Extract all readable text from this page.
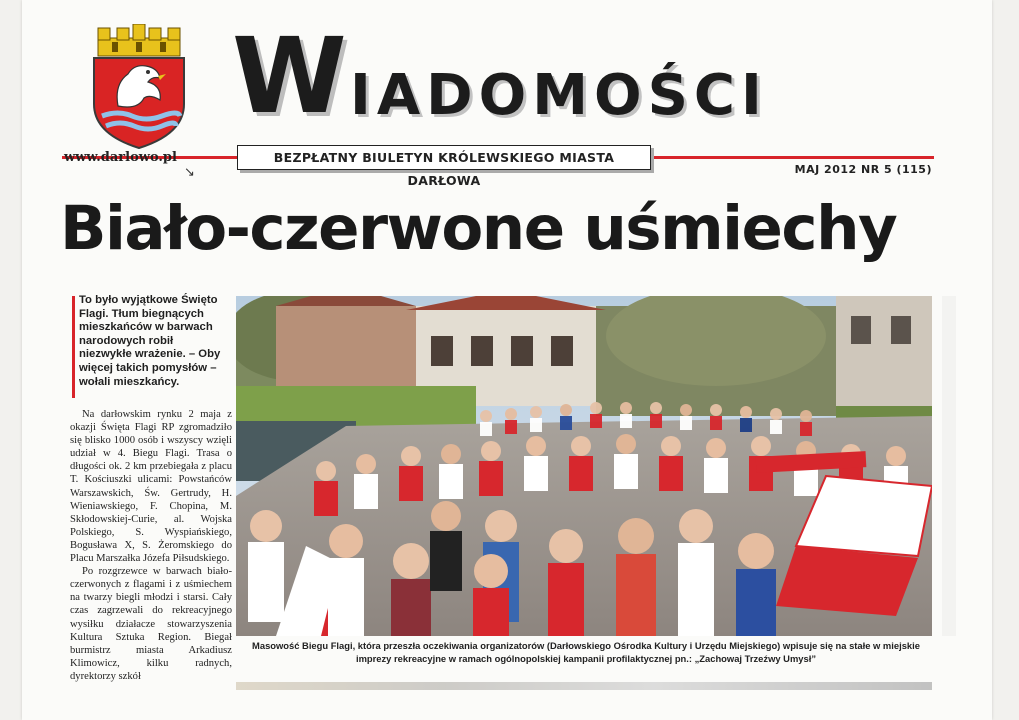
W IADOMOŚCI
www.darlowo.pl
↘
BEZPŁATNY BIULETYN KRÓLEWSKIEGO MIASTA DARŁOWA
MAJ 2012 NR 5 (115)
Biało-czerwone uśmiechy

To było wyjątkowe Święto Flagi. Tłum biegnących mieszkańców w barwach narodowych robił niezwykłe wrażenie. – Oby więcej takich pomysłów – wołali mieszkańcy.

Na darłowskim rynku 2 maja z okazji Święta Flagi RP zgromadziło się blisko 1000 osób i wszyscy wzięli udział w 4. Biegu Flagi. Trasa o długości ok. 2 km przebiegała z placu T. Kościuszki ulicami: Powstańców Warszawskich, Św. Gertrudy, H. Wieniawskiego, F. Chopina, M. Skłodowskiej-Curie, al. Wojska Polskiego, S. Wyspiańskiego, Bogusława X, S. Żeromskiego do Placu Marszałka Józefa Piłsudskiego.

Po rozgrzewce w barwach biało-czerwonych z flagami i z uśmiechem na twarzy biegli młodzi i starsi. Cały czas zagrzewali do rekreacyjnego wysiłku działacze stowarzyszenia Kultura Sztuka Region. Biegał burmistrz miasta Arkadiusz Klimowicz, kilku radnych, dyrektorzy szkół

Masowość Biegu Flagi, która przeszła oczekiwania organizatorów (Darłowskiego Ośrodka Kultury i Urzędu Miejskiego) wpisuje się na stałe w miejskie imprezy rekreacyjne w ramach ogólnopolskiej kampanii profilaktycznej pn.: „Zachowaj Trzeźwy Umysł”
